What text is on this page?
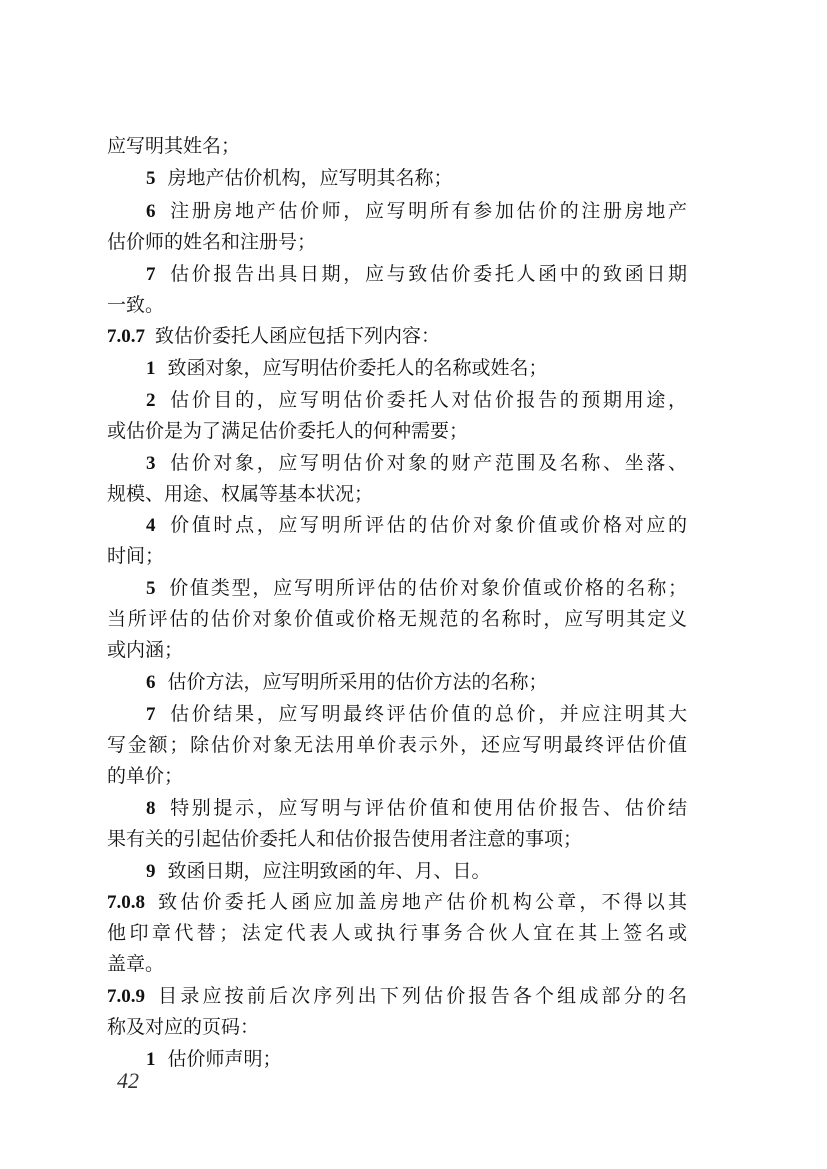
应写明其姓名；
5 房地产估价机构，应写明其名称；
6 注册房地产估价师，应写明所有参加估价的注册房地产
估价师的姓名和注册号；
7 估价报告出具日期，应与致估价委托人函中的致函日期
一致。
7.0.7 致估价委托人函应包括下列内容：
1 致函对象，应写明估价委托人的名称或姓名；
2 估价目的，应写明估价委托人对估价报告的预期用途，
或估价是为了满足估价委托人的何种需要；
3 估价对象，应写明估价对象的财产范围及名称、坐落、
规模、用途、权属等基本状况；
4 价值时点，应写明所评估的估价对象价值或价格对应的
时间；
5 价值类型，应写明所评估的估价对象价值或价格的名称；
当所评估的估价对象价值或价格无规范的名称时，应写明其定义
或内涵；
6 估价方法，应写明所采用的估价方法的名称；
7 估价结果，应写明最终评估价值的总价，并应注明其大
写金额；除估价对象无法用单价表示外，还应写明最终评估价值
的单价；
8 特别提示，应写明与评估价值和使用估价报告、估价结
果有关的引起估价委托人和估价报告使用者注意的事项；
9 致函日期，应注明致函的年、月、日。
7.0.8 致估价委托人函应加盖房地产估价机构公章，不得以其
他印章代替；法定代表人或执行事务合伙人宜在其上签名或
盖章。
7.0.9 目录应按前后次序列出下列估价报告各个组成部分的名
称及对应的页码：
1 估价师声明；
42
